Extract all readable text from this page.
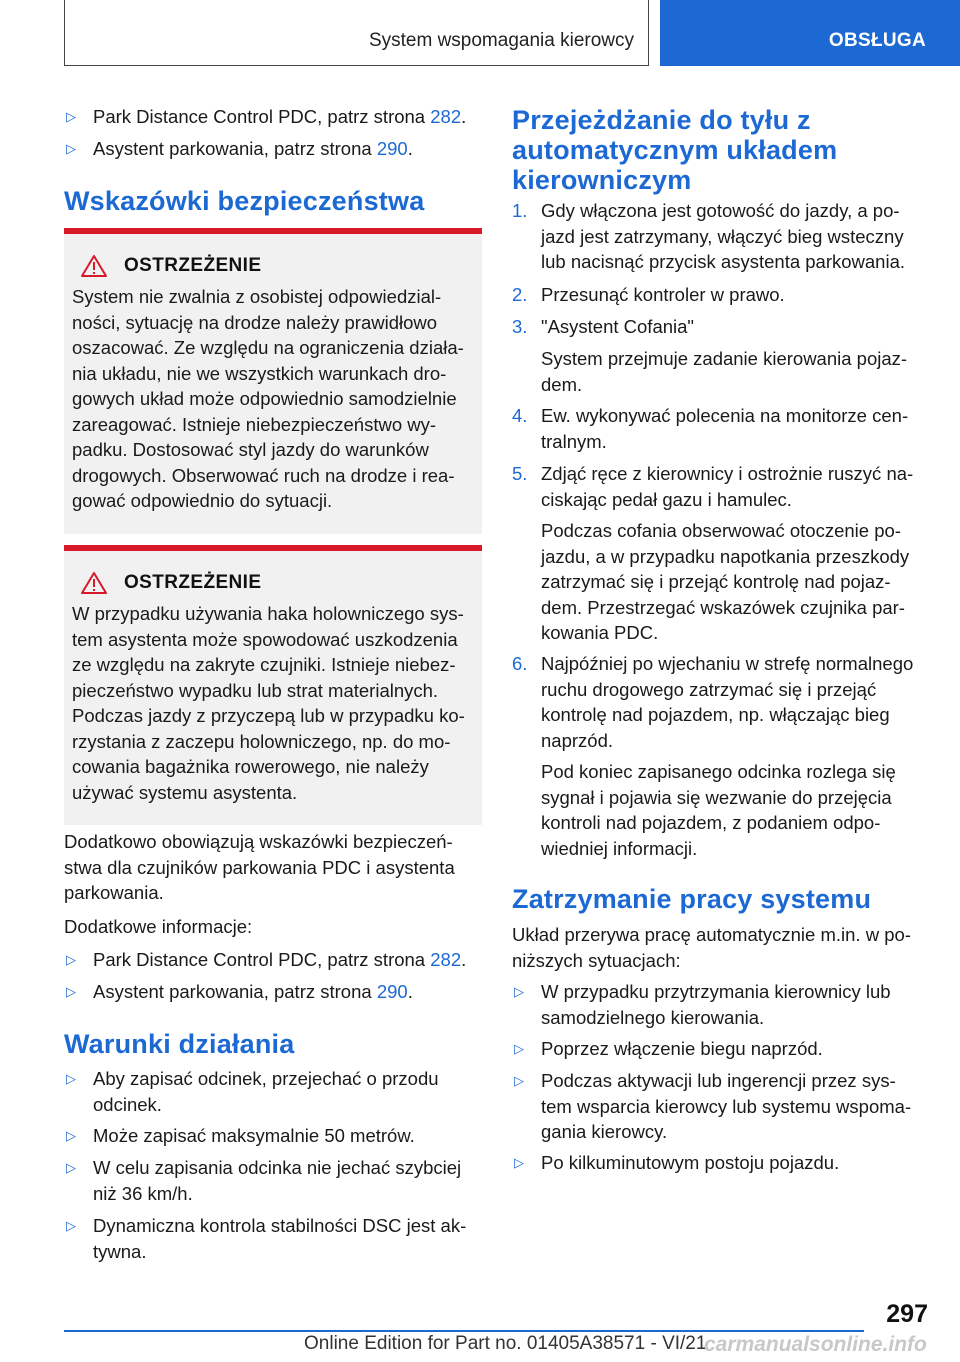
System wspomagania kierowcy	OBSŁUGA
▷ Park Distance Control PDC, patrz strona 282.
▷ Asystent parkowania, patrz strona 290.
Wskazówki bezpieczeństwa
OSTRZEŻENIE
System nie zwalnia z osobistej odpowiedzial-
ności, sytuację na drodze należy prawidłowo
oszacować. Ze względu na ograniczenia działa-
nia układu, nie we wszystkich warunkach dro-
gowych układ może odpowiednio samodzielnie
zareagować. Istnieje niebezpieczeństwo wy-
padku. Dostosować styl jazdy do warunków
drogowych. Obserwować ruch na drodze i rea-
gować odpowiednio do sytuacji.
OSTRZEŻENIE
W przypadku używania haka holowniczego sys-
tem asystenta może spowodować uszkodzenia
ze względu na zakryte czujniki. Istnieje niebez-
pieczeństwo wypadku lub strat materialnych.
Podczas jazdy z przyczepą lub w przypadku ko-
rzystania z zaczepu holowniczego, np. do mo-
cowania bagażnika rowerowego, nie należy
używać systemu asystenta.
Dodatkowo obowiązują wskazówki bezpieczeń-
stwa dla czujników parkowania PDC i asystenta
parkowania.
Dodatkowe informacje:
▷ Park Distance Control PDC, patrz strona 282.
▷ Asystent parkowania, patrz strona 290.
Warunki działania
▷ Aby zapisać odcinek, przejechać o przodu
odcinek.
▷ Może zapisać maksymalnie 50 metrów.
▷ W celu zapisania odcinka nie jechać szybciej
niż 36 km/h.
▷ Dynamiczna kontrola stabilności DSC jest ak-
tywna.
Przejeżdżanie do tyłu z
automatycznym układem
kierowniczym
1. Gdy włączona jest gotowość do jazdy, a po-
jazd jest zatrzymany, włączyć bieg wsteczny
lub nacisnąć przycisk asystenta parkowania.
2. Przesunąć kontroler w prawo.
3. "Asystent Cofania"
System przejmuje zadanie kierowania pojaz-
dem.
4. Ew. wykonywać polecenia na monitorze cen-
tralnym.
5. Zdjąć ręce z kierownicy i ostrożnie ruszyć na-
ciskając pedał gazu i hamulec.
Podczas cofania obserwować otoczenie po-
jazdu, a w przypadku napotkania przeszkody
zatrzymać się i przejąć kontrolę nad pojaz-
dem. Przestrzegać wskazówek czujnika par-
kowania PDC.
6. Najpóźniej po wjechaniu w strefę normalnego
ruchu drogowego zatrzymać się i przejąć
kontrolę nad pojazdem, np. włączając bieg
naprzód.
Pod koniec zapisanego odcinka rozlega się
sygnał i pojawia się wezwanie do przejęcia
kontroli nad pojazdem, z podaniem odpo-
wiedniej informacji.
Zatrzymanie pracy systemu
Układ przerywa pracę automatycznie m.in. w po-
niższych sytuacjach:
▷ W przypadku przytrzymania kierownicy lub
samodzielnego kierowania.
▷ Poprzez włączenie biegu naprzód.
▷ Podczas aktywacji lub ingerencji przez sys-
tem wsparcia kierowcy lub systemu wspoma-
gania kierowcy.
▷ Po kilkuminutowym postoju pojazdu.
297
Online Edition for Part no. 01405A38571 - VI/21
carmanualsonline.info
